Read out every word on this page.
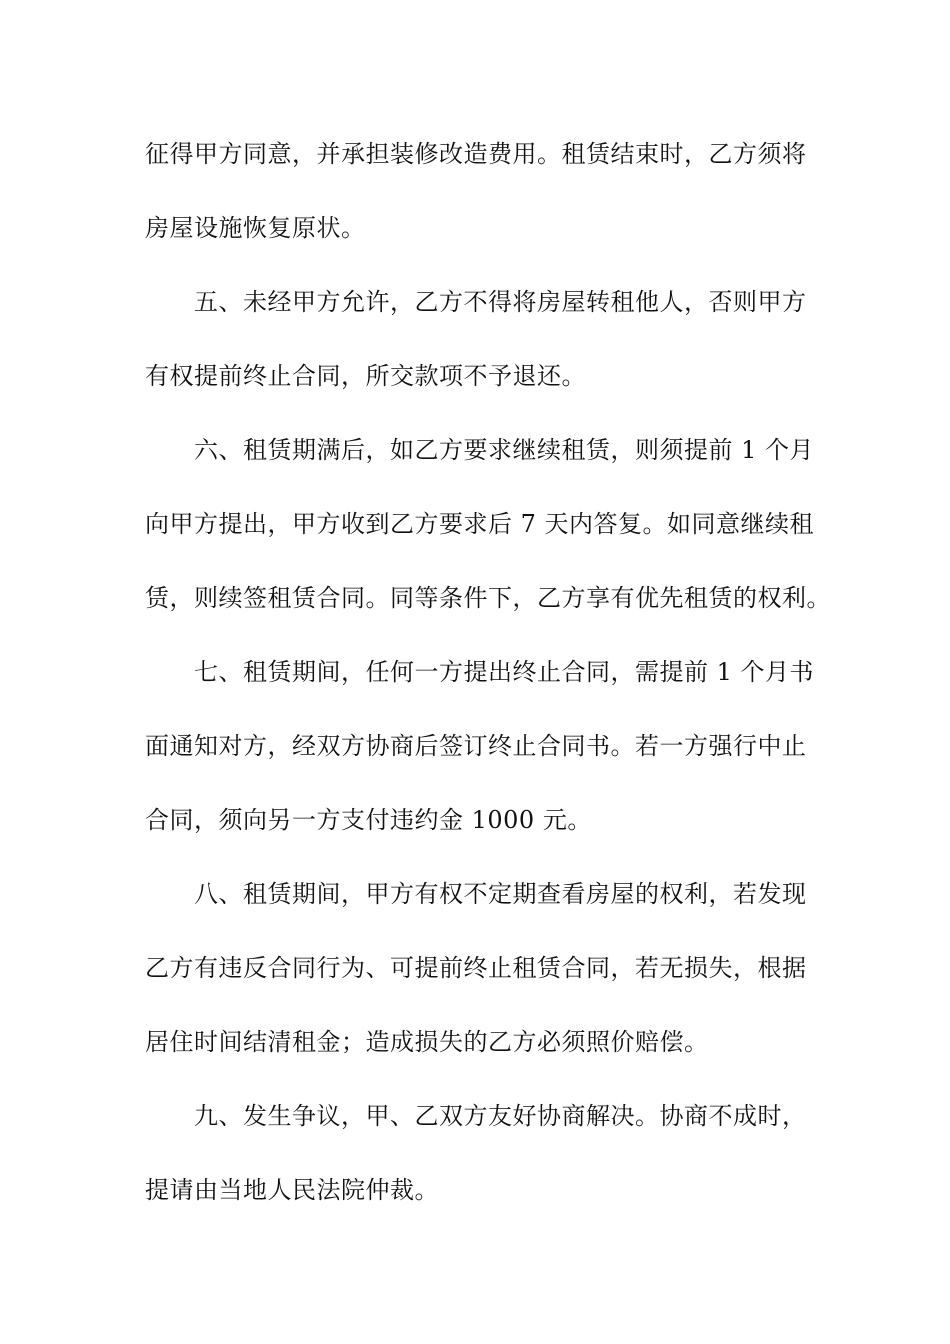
征得甲方同意，并承担装修改造费用。租赁结束时，乙方须将
房屋设施恢复原状。
五、未经甲方允许，乙方不得将房屋转租他人，否则甲方
有权提前终止合同，所交款项不予退还。
六、租赁期满后，如乙方要求继续租赁，则须提前 1 个月
向甲方提出，甲方收到乙方要求后 7 天内答复。如同意继续租
赁，则续签租赁合同。同等条件下，乙方享有优先租赁的权利。
七、租赁期间，任何一方提出终止合同，需提前 1 个月书
面通知对方，经双方协商后签订终止合同书。若一方强行中止
合同，须向另一方支付违约金 1000 元。
八、租赁期间，甲方有权不定期查看房屋的权利，若发现
乙方有违反合同行为、可提前终止租赁合同，若无损失，根据
居住时间结清租金；造成损失的乙方必须照价赔偿。
九、发生争议，甲、乙双方友好协商解决。协商不成时，
提请由当地人民法院仲裁。
